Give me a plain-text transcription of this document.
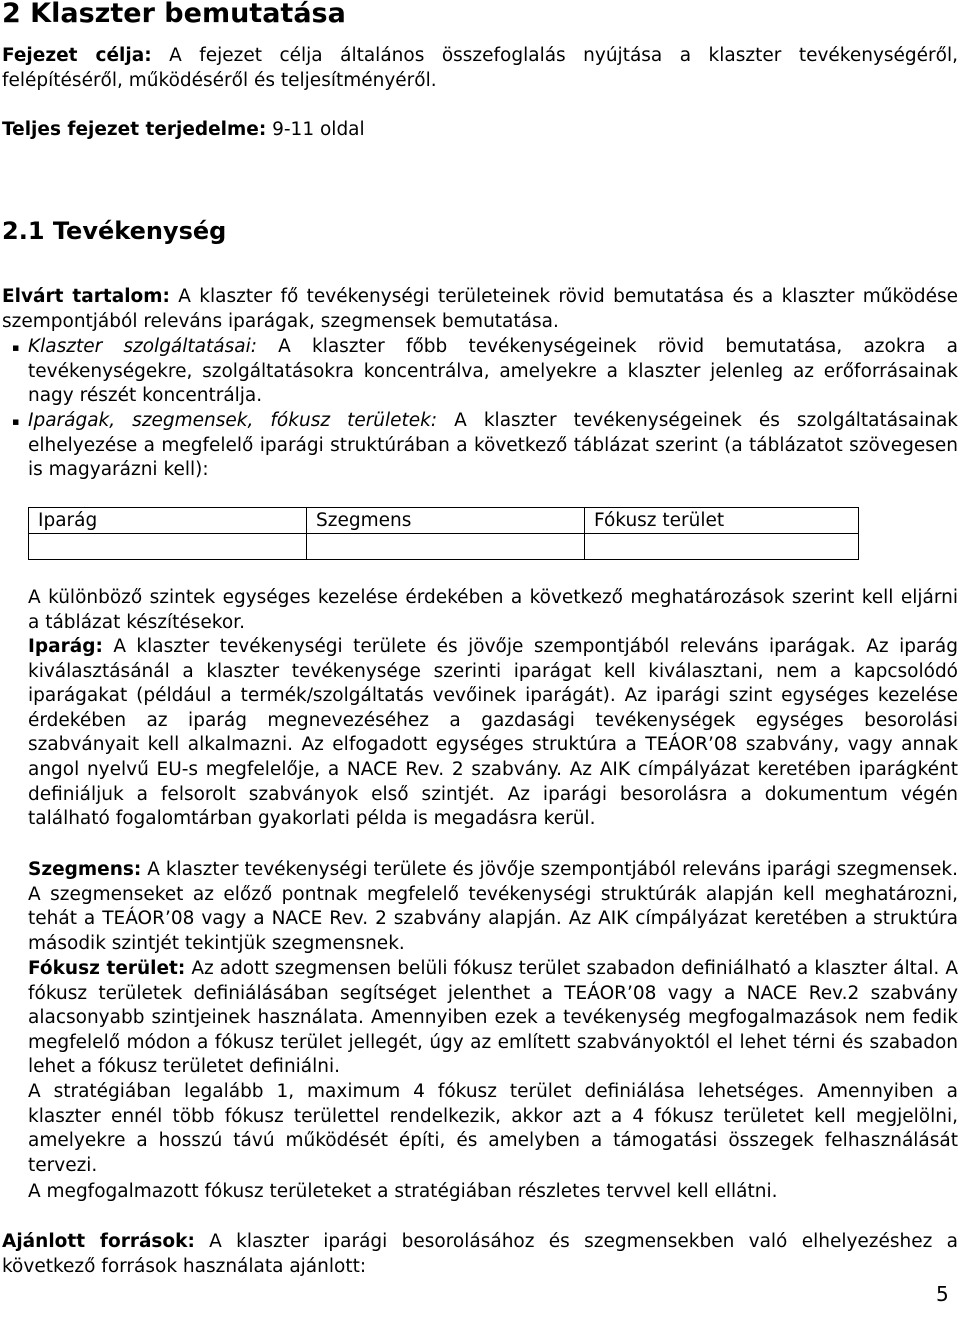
2 Klaszter bemutatása

Fejezet célja: A fejezet célja általános összefoglalás nyújtása a klaszter tevékenységéről, felépítéséről, működéséről és teljesítményéről.

Teljes fejezet terjedelme: 9-11 oldal

2.1 Tevékenység

Elvárt tartalom: A klaszter fő tevékenységi területeinek rövid bemutatása és a klaszter működése szempontjából releváns iparágak, szegmensek bemutatása.

▪ Klaszter szolgáltatásai: A klaszter főbb tevékenységeinek rövid bemutatása, azokra a tevékenységekre, szolgáltatásokra koncentrálva, amelyekre a klaszter jelenleg az erőforrásainak nagy részét koncentrálja.

▪ Iparágak, szegmensek, fókusz területek: A klaszter tevékenységeinek és szolgáltatásainak elhelyezése a megfelelő iparági struktúrában a következő táblázat szerint (a táblázatot szövegesen is magyarázni kell):

Iparág	Szegmens	Fókusz terület

A különböző szintek egységes kezelése érdekében a következő meghatározások szerint kell eljárni a táblázat készítésekor.

Iparág: A klaszter tevékenységi területe és jövője szempontjából releváns iparágak. Az iparág kiválasztásánál a klaszter tevékenysége szerinti iparágat kell kiválasztani, nem a kapcsolódó iparágakat (például a termék/szolgáltatás vevőinek iparágát). Az iparági szint egységes kezelése érdekében az iparág megnevezéséhez a gazdasági tevékenységek egységes besorolási szabványait kell alkalmazni. Az elfogadott egységes struktúra a TEÁOR’08 szabvány, vagy annak angol nyelvű EU-s megfelelője, a NACE Rev. 2 szabvány. Az AIK címpályázat keretében iparágként definiáljuk a felsorolt szabványok első szintjét. Az iparági besorolásra a dokumentum végén található fogalomtárban gyakorlati példa is megadásra kerül.

Szegmens: A klaszter tevékenységi területe és jövője szempontjából releváns iparági szegmensek. A szegmenseket az előző pontnak megfelelő tevékenységi struktúrák alapján kell meghatározni, tehát a TEÁOR’08 vagy a NACE Rev. 2 szabvány alapján. Az AIK címpályázat keretében a struktúra második szintjét tekintjük szegmensnek.

Fókusz terület: Az adott szegmensen belüli fókusz terület szabadon definiálható a klaszter által. A fókusz területek definiálásában segítséget jelenthet a TEÁOR’08 vagy a NACE Rev.2 szabvány alacsonyabb szintjeinek használata. Amennyiben ezek a tevékenység megfogalmazások nem fedik megfelelő módon a fókusz terület jellegét, úgy az említett szabványoktól el lehet térni és szabadon lehet a fókusz területet definiálni.

A stratégiában legalább 1, maximum 4 fókusz terület definiálása lehetséges. Amennyiben a klaszter ennél több fókusz területtel rendelkezik, akkor azt a 4 fókusz területet kell megjelölni, amelyekre a hosszú távú működését építi, és amelyben a támogatási összegek felhasználását tervezi.

A megfogalmazott fókusz területeket a stratégiában részletes tervvel kell ellátni.

Ajánlott források: A klaszter iparági besorolásához és szegmensekben való elhelyezéshez a következő források használata ajánlott:

5
